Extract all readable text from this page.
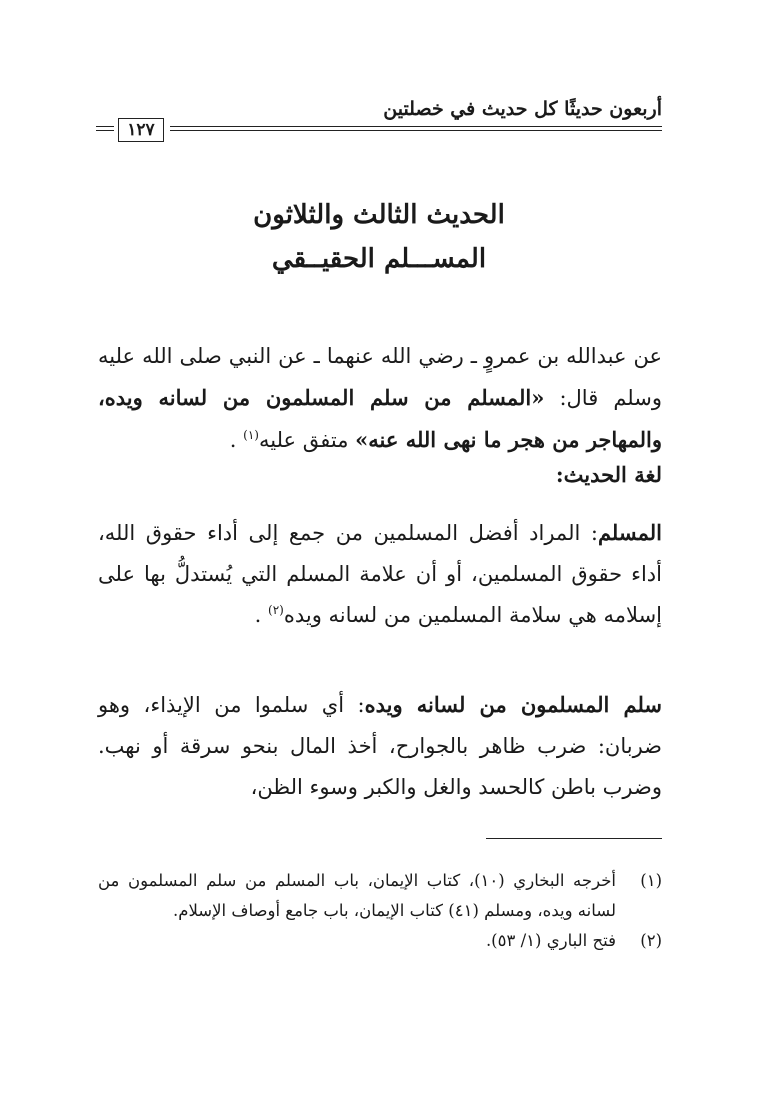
أربعون حديثًا كل حديث في خصلتين
١٢٧
الحديث الثالث والثلاثون
المســـلم الحقيــقي
عن عبدالله بن عمروٍ ـ رضي الله عنهما ـ عن النبي صلى الله عليه وسلم قال: «المسلم من سلم المسلمون من لسانه ويده، والمهاجر من هجر ما نهى الله عنه» متفق عليه$^{(١)}$ .
لغة الحديث:
المسلم: المراد أفضل المسلمين من جمع إلى أداء حقوق الله، أداء حقوق المسلمين، أو أن علامة المسلم التي يُستدلُّ بها على إسلامه هي سلامة المسلمين من لسانه ويده$^{(٢)}$ .
سلم المسلمون من لسانه ويده: أي سلموا من الإيذاء، وهو ضربان: ضرب ظاهر بالجوارح، أخذ المال بنحو سرقة أو نهب. وضرب باطن كالحسد والغل والكبر وسوء الظن،
(١)
أخرجه البخاري (١٠)، كتاب الإيمان، باب المسلم من سلم المسلمون من لسانه ويده، ومسلم (٤١) كتاب الإيمان، باب جامع أوصاف الإسلام.
(٢)
فتح الباري (١/ ٥٣).
